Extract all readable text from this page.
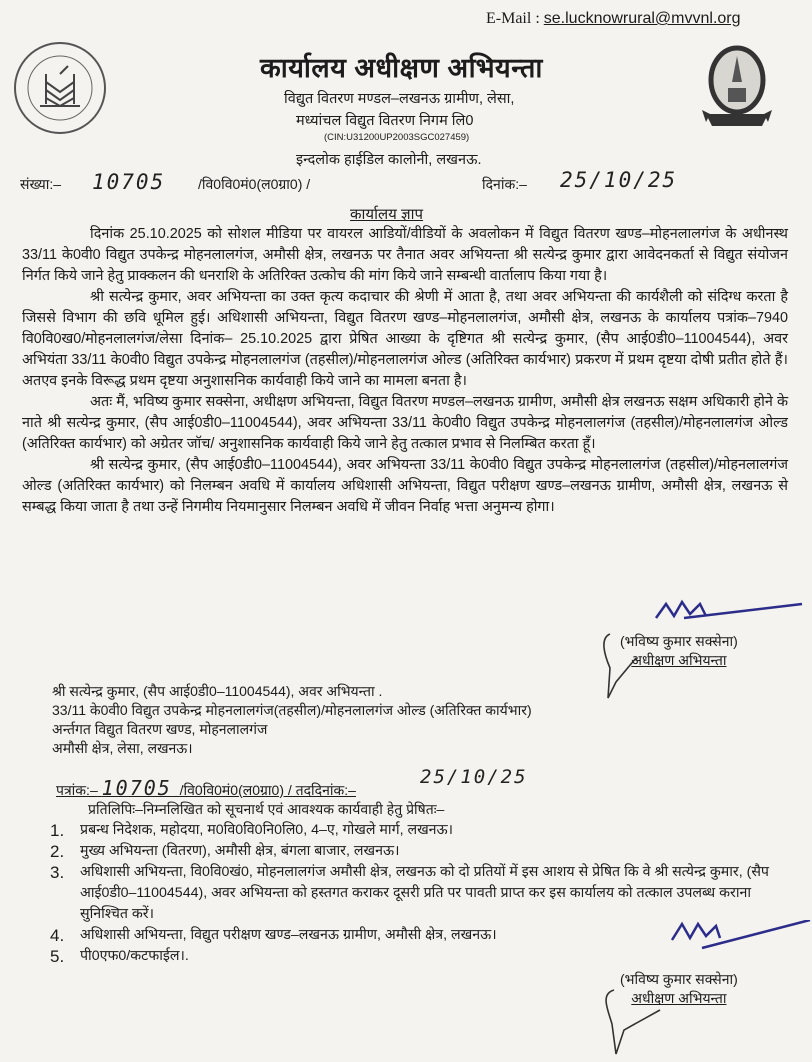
E-Mail : se.lucknowrural@mvvnl.org
कार्यालय अधीक्षण अभियन्ता
विद्युत वितरण मण्डल–लखनऊ ग्रामीण, लेसा,
मध्यांचल विद्युत वितरण निगम लि0
(CIN:U31200UP2003SGC027459)
इन्दलोक हाईडिल कालोनी, लखनऊ.
संख्या:– 10705 /वि0वि0मं0(ल0ग्रा0) /	दिनांक:– 25/10/25
कार्यालय ज्ञाप

दिनांक 25.10.2025 को सोशल मीडिया पर वायरल आडियों/वीडियों के अवलोकन में विद्युत वितरण खण्ड–मोहनलालगंज के अधीनस्थ 33/11 के0वी0 विद्युत उपकेन्द्र मोहनलालगंज, अमौसी क्षेत्र, लखनऊ पर तैनात अवर अभियन्ता श्री सत्येन्द्र कुमार द्वारा आवेदनकर्ता से विद्युत संयोजन निर्गत किये जाने हेतु प्राक्कलन की धनराशि के अतिरिक्त उत्कोच की मांग किये जाने सम्बन्धी वार्तालाप किया गया है।

श्री सत्येन्द्र कुमार, अवर अभियन्ता का उक्त कृत्य कदाचार की श्रेणी में आता है, तथा अवर अभियन्ता की कार्यशैली को संदिग्ध करता है जिससे विभाग की छवि धूमिल हुई। अधिशासी अभियन्ता, विद्युत वितरण खण्ड–मोहनलालगंज, अमौसी क्षेत्र, लखनऊ के कार्यालय पत्रांक–7940 वि0वि0ख0/मोहनलालगंज/लेसा दिनांक– 25.10.2025 द्वारा प्रेषित आख्या के दृष्टिगत श्री सत्येन्द्र कुमार, (सैप आई0डी0–11004544), अवर अभियंता 33/11 के0वी0 विद्युत उपकेन्द्र मोहनलालगंज (तहसील)/मोहनलालगंज ओल्ड (अतिरिक्त कार्यभार) प्रकरण में प्रथम दृष्टया दोषी प्रतीत होते हैं। अतएव इनके विरूद्ध प्रथम दृष्टया अनुशासनिक कार्यवाही किये जाने का मामला बनता है।

अतः मैं, भविष्य कुमार सक्सेना, अधीक्षण अभियन्ता, विद्युत वितरण मण्डल–लखनऊ ग्रामीण, अमौसी क्षेत्र लखनऊ सक्षम अधिकारी होने के नाते श्री सत्येन्द्र कुमार, (सैप आई0डी0–11004544), अवर अभियन्ता 33/11 के0वी0 विद्युत उपकेन्द्र मोहनलालगंज (तहसील)/मोहनलालगंज ओल्ड (अतिरिक्त कार्यभार) को अग्रेतर जॉच/ अनुशासनिक कार्यवाही किये जाने हेतु तत्काल प्रभाव से निलम्बित करता हूँ।

श्री सत्येन्द्र कुमार, (सैप आई0डी0–11004544), अवर अभियन्ता 33/11 के0वी0 विद्युत उपकेन्द्र मोहनलालगंज (तहसील)/मोहनलालगंज ओल्ड (अतिरिक्त कार्यभार) को निलम्बन अवधि में कार्यालय अधिशासी अभियन्ता, विद्युत परीक्षण खण्ड–लखनऊ ग्रामीण, अमौसी क्षेत्र, लखनऊ से सम्बद्ध किया जाता है तथा उन्हें निगमीय नियमानुसार निलम्बन अवधि में जीवन निर्वाह भत्ता अनुमन्य होगा।

(भविष्य कुमार सक्सेना)
अधीक्षण अभियन्ता
श्री सत्येन्द्र कुमार, (सैप आई0डी0–11004544), अवर अभियन्ता .
33/11 के0वी0 विद्युत उपकेन्द्र मोहनलालगंज(तहसील)/मोहनलालगंज ओल्ड (अतिरिक्त कार्यभार)
अर्न्तगत विद्युत वितरण खण्ड, मोहनलालगंज
अमौसी क्षेत्र, लेसा, लखनऊ।
पत्रांक:– 10705 /वि0वि0मं0(ल0ग्रा0) / तददिनांक:–
25/10/25
प्रतिलिपिः–निम्नलिखित को सूचनार्थ एवं आवश्यक कार्यवाही हेतु प्रेषितः–
1.	प्रबन्ध निदेशक, महोदया, म0वि0वि0नि0लि0, 4–ए, गोखले मार्ग, लखनऊ।
2.	मुख्य अभियन्ता (वितरण), अमौसी क्षेत्र, बंगला बाजार, लखनऊ।
3.	अधिशासी अभियन्ता, वि0वि0खं0, मोहनलालगंज अमौसी क्षेत्र, लखनऊ को दो प्रतियों में इस आशय से प्रेषित कि वे श्री सत्येन्द्र कुमार, (सैप आई0डी0–11004544), अवर अभियन्ता को हस्तगत कराकर दूसरी प्रति पर पावती प्राप्त कर इस कार्यालय को तत्काल उपलब्ध कराना सुनिश्चित करें।
4.	अधिशासी अभियन्ता, विद्युत परीक्षण खण्ड–लखनऊ ग्रामीण, अमौसी क्षेत्र, लखनऊ।
5.	पी0एफ0/कटफाईल।.
(भविष्य कुमार सक्सेना)
अधीक्षण अभियन्ता
